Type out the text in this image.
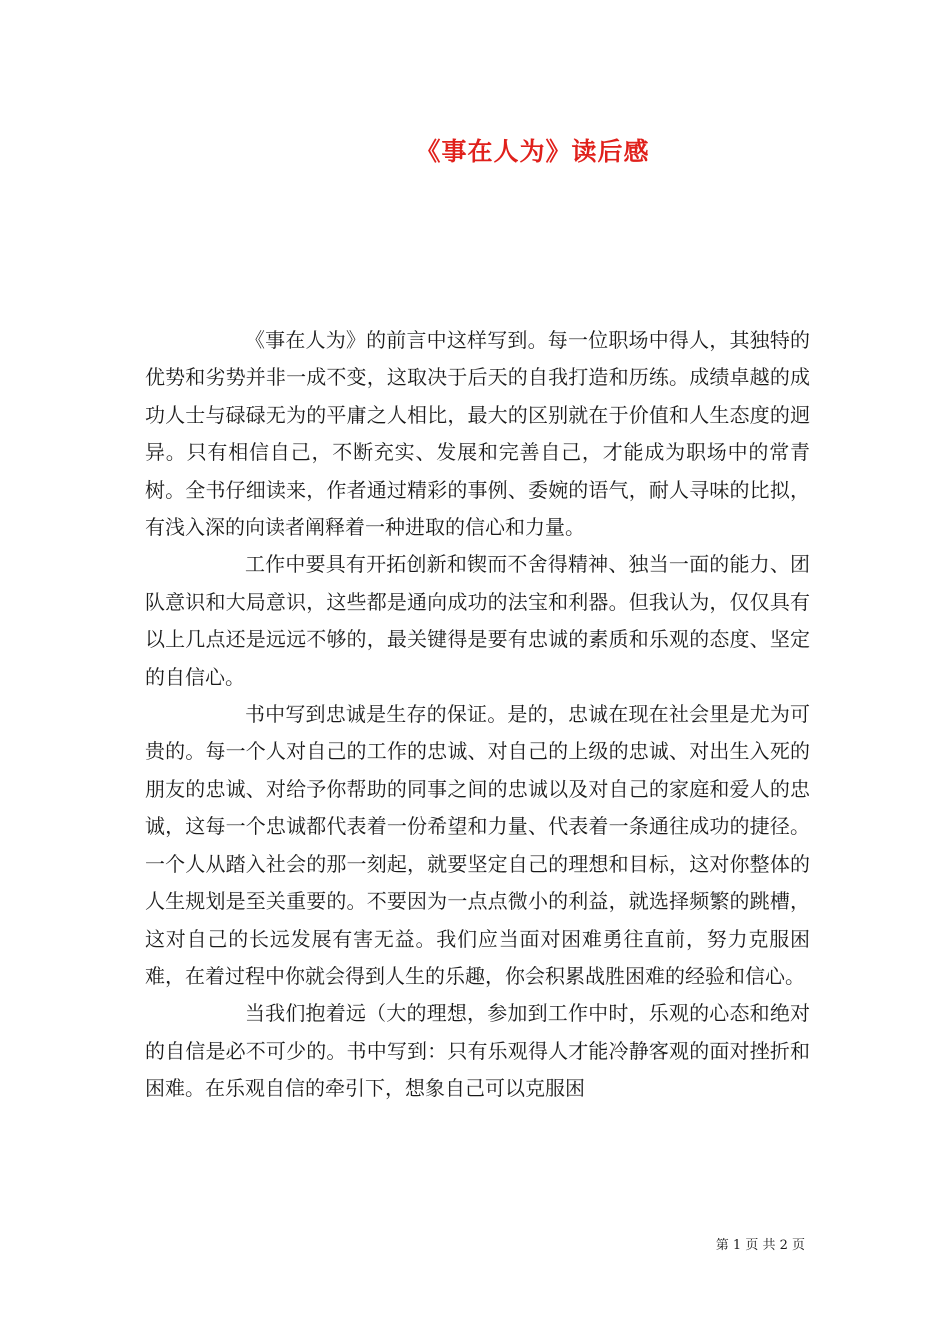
《事在人为》读后感

《事在人为》的前言中这样写到。每一位职场中得人，其独特的优势和劣势并非一成不变，这取决于后天的自我打造和历练。成绩卓越的成功人士与碌碌无为的平庸之人相比，最大的区别就在于价值和人生态度的迥异。只有相信自己，不断充实、发展和完善自己，才能成为职场中的常青树。全书仔细读来，作者通过精彩的事例、委婉的语气，耐人寻味的比拟，有浅入深的向读者阐释着一种进取的信心和力量。

工作中要具有开拓创新和锲而不舍得精神、独当一面的能力、团队意识和大局意识，这些都是通向成功的法宝和利器。但我认为，仅仅具有以上几点还是远远不够的，最关键得是要有忠诚的素质和乐观的态度、坚定的自信心。

书中写到忠诚是生存的保证。是的，忠诚在现在社会里是尤为可贵的。每一个人对自己的工作的忠诚、对自己的上级的忠诚、对出生入死的朋友的忠诚、对给予你帮助的同事之间的忠诚以及对自己的家庭和爱人的忠诚，这每一个忠诚都代表着一份希望和力量、代表着一条通往成功的捷径。一个人从踏入社会的那一刻起，就要坚定自己的理想和目标，这对你整体的人生规划是至关重要的。不要因为一点点微小的利益，就选择频繁的跳槽，这对自己的长远发展有害无益。我们应当面对困难勇往直前，努力克服困难，在着过程中你就会得到人生的乐趣，你会积累战胜困难的经验和信心。

当我们抱着远（大的理想，参加到工作中时，乐观的心态和绝对的自信是必不可少的。书中写到：只有乐观得人才能冷静客观的面对挫折和困难。在乐观自信的牵引下，想象自己可以克服困

第 1 页 共 2 页
